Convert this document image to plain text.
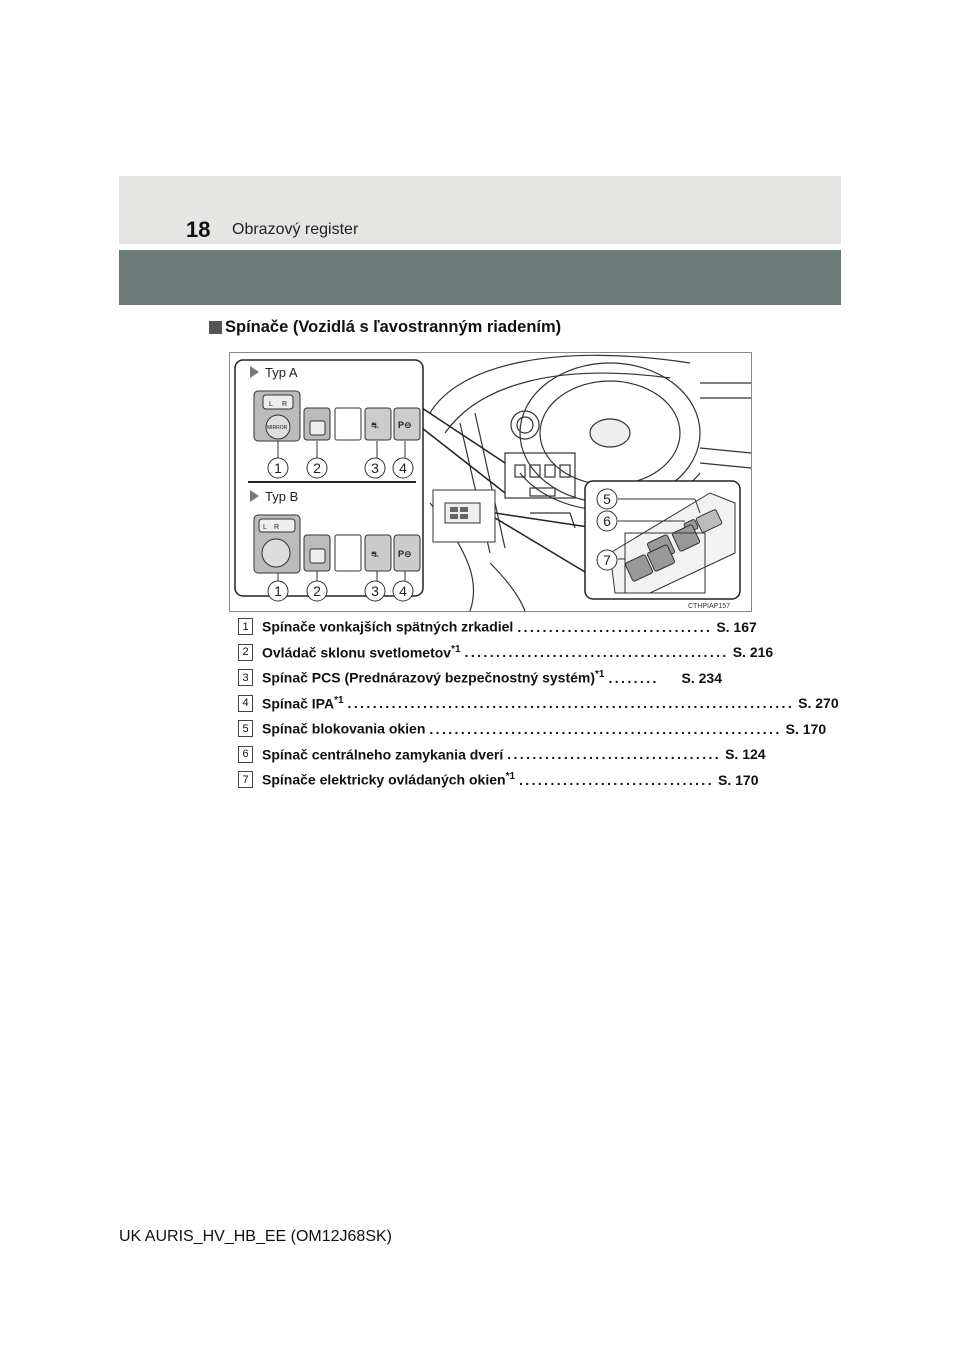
18 Obrazový register
Spínače (Vozidlá s ľavostranným riadením)
Typ A
L R
MIRROR	⛐ P⊖
1 2	3 4
Typ B
L R
⛐ P⊖
1 2	3 4
5
6
7
CTHPIAP157
1 Spínače vonkajších spätných zrkadiel ............................... S. 167
2 Ovládač sklonu svetlometov$^{*1}$ .......................................... S. 216
3 Spínač PCS (Prednárazový bezpečnostný systém)$^{*1}$ ........	S. 234
4 Spínač IPA$^{*1}$ ....................................................................... S. 270
5 Spínač blokovania okien ........................................................ S. 170
6 Spínač centrálneho zamykania dverí .................................. S. 124
7 Spínače elektricky ovládaných okien$^{*1}$ ............................... S. 170
UK AURIS_HV_HB_EE (OM12J68SK)
